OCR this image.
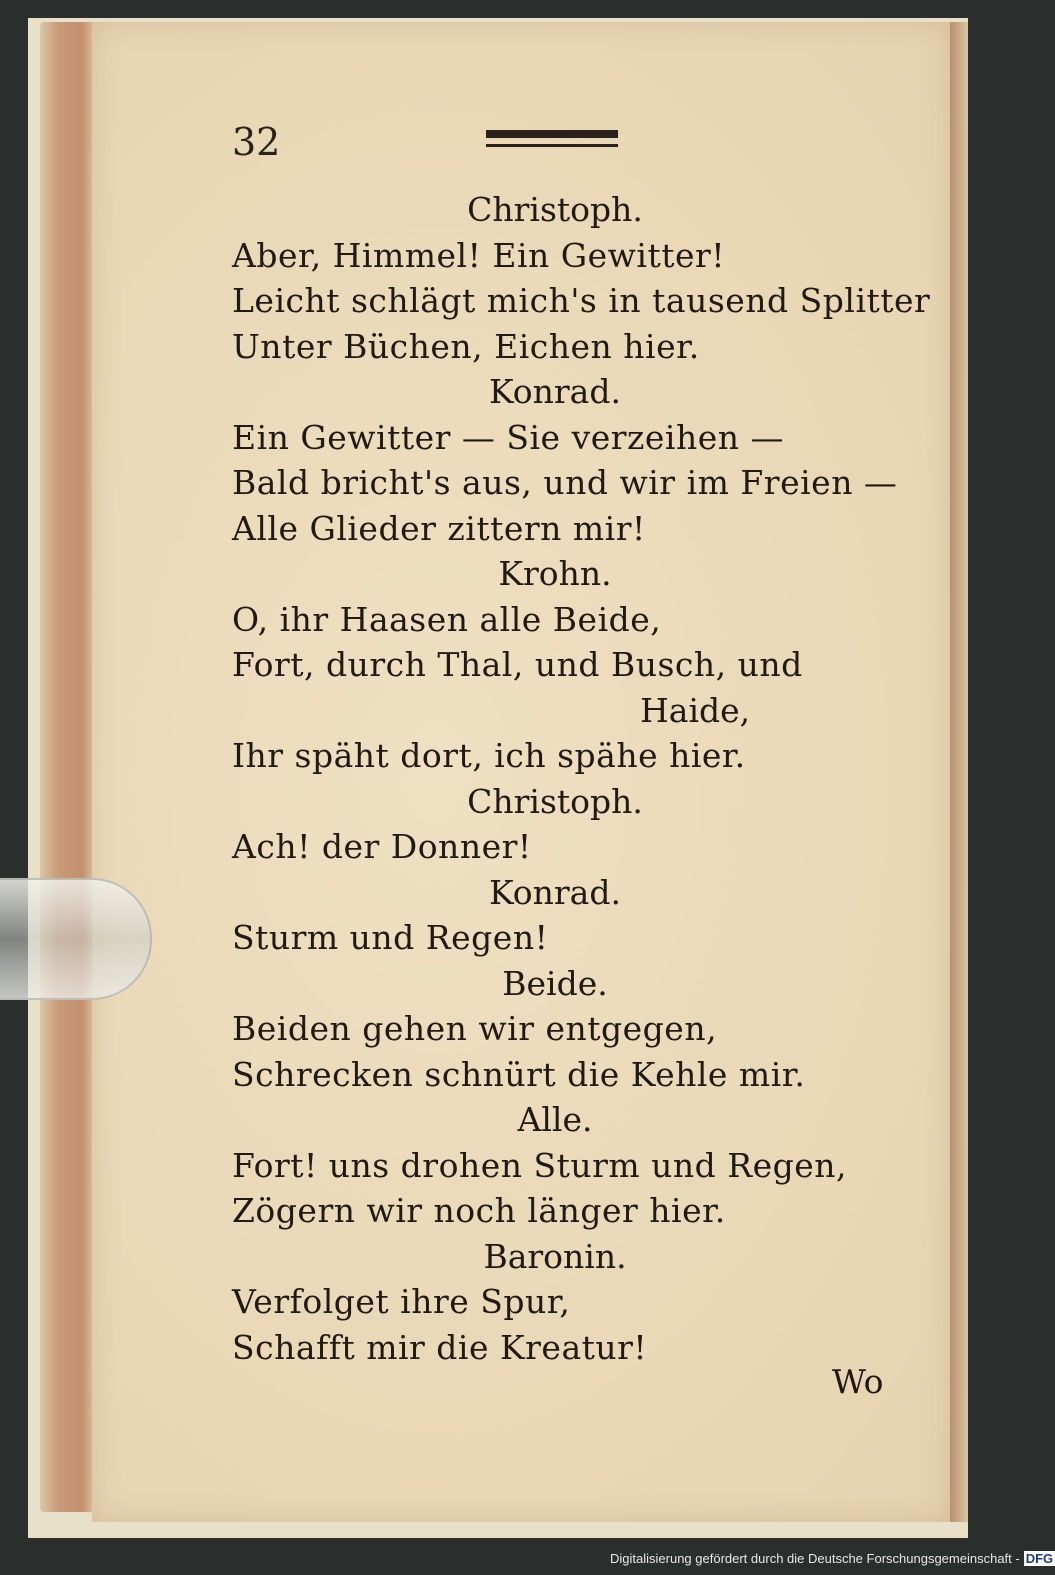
32
Christoph.
Aber, Himmel! Ein Gewitter!
Leicht schlägt mich's in tausend Splitter
Unter Büchen, Eichen hier.
Konrad.
Ein Gewitter — Sie verzeihen —
Bald bricht's aus, und wir im Freien —
Alle Glieder zittern mir!
Krohn.
O, ihr Haasen alle Beide,
Fort, durch Thal, und Busch, und
Haide,
Ihr späht dort, ich spähe hier.
Christoph.
Ach! der Donner!
Konrad.
Sturm und Regen!
Beide.
Beiden gehen wir entgegen,
Schrecken schnürt die Kehle mir.
Alle.
Fort! uns drohen Sturm und Regen,
Zögern wir noch länger hier.
Baronin.
Verfolget ihre Spur,
Schafft mir die Kreatur!
Wo
Digitalisierung gefördert durch die Deutsche Forschungsgemeinschaft - DFG
